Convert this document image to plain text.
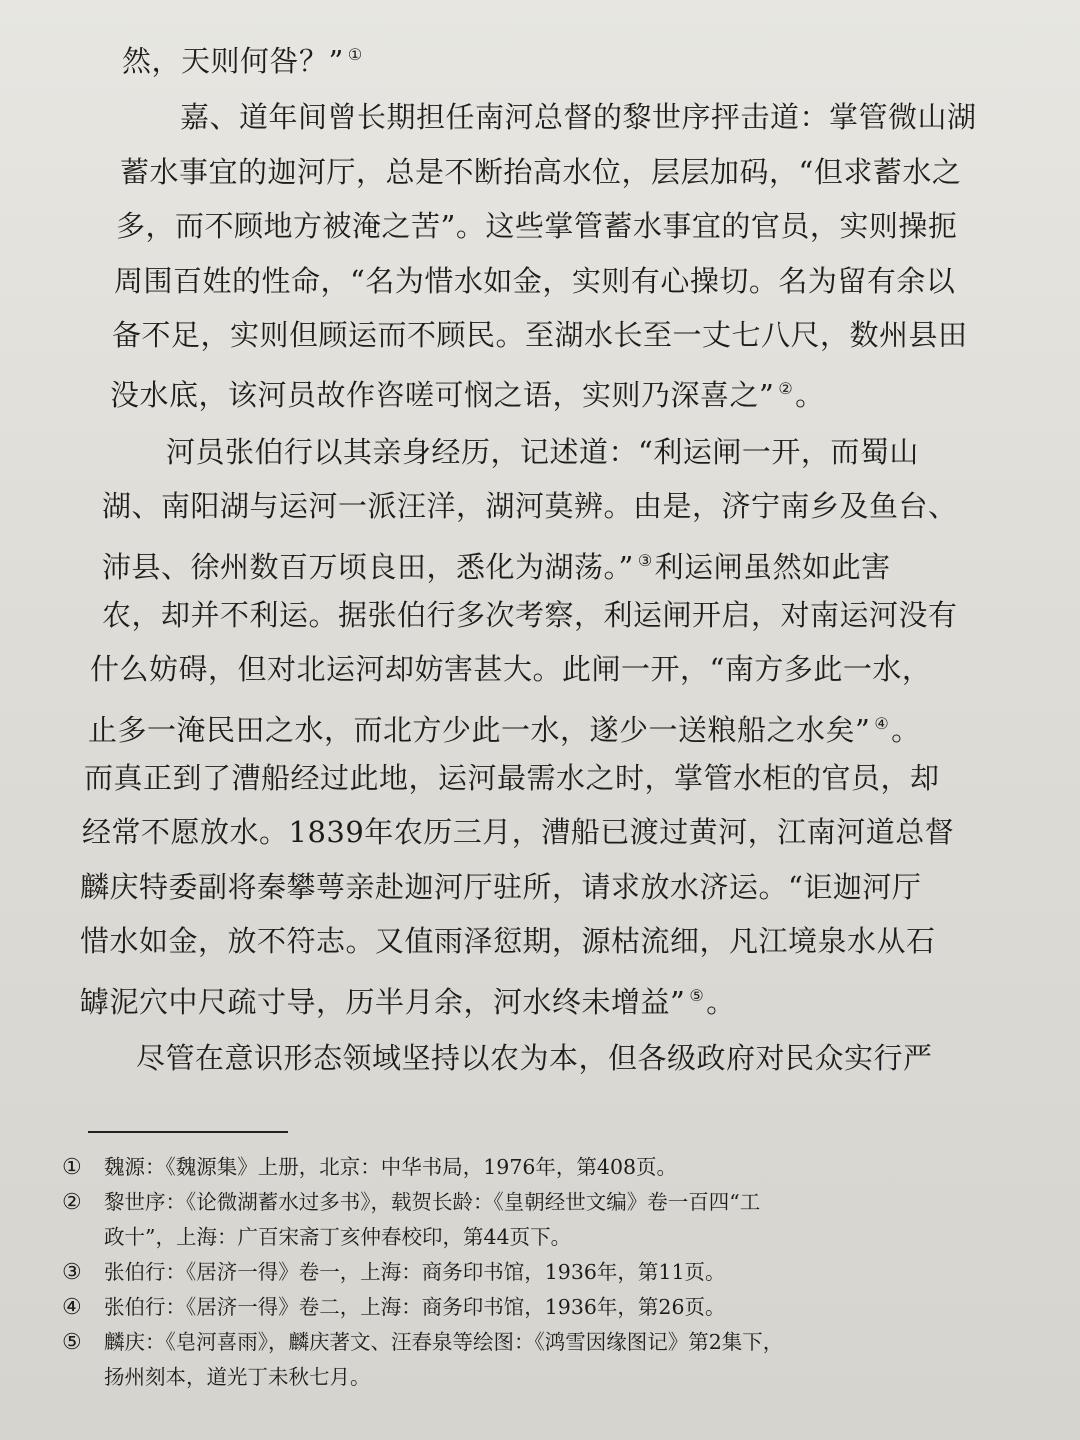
然，天则何咎？” ①
嘉、道年间曾长期担任南河总督的黎世序抨击道：掌管微山湖
蓄水事宜的迦河厅，总是不断抬高水位，层层加码，“但求蓄水之
多，而不顾地方被淹之苦”。这些掌管蓄水事宜的官员，实则操扼
周围百姓的性命，“名为惜水如金，实则有心操切。名为留有余以
备不足，实则但顾运而不顾民。至湖水长至一丈七八尺，数州县田
没水底，该河员故作咨嗟可悯之语，实则乃深喜之” ②。
河员张伯行以其亲身经历，记述道：“利运闸一开，而蜀山
湖、南阳湖与运河一派汪洋，湖河莫辨。由是，济宁南乡及鱼台、
沛县、徐州数百万顷良田，悉化为湖荡。” ③利运闸虽然如此害
农，却并不利运。据张伯行多次考察，利运闸开启，对南运河没有
什么妨碍，但对北运河却妨害甚大。此闸一开，“南方多此一水，
止多一淹民田之水，而北方少此一水，遂少一送粮船之水矣” ④。
而真正到了漕船经过此地，运河最需水之时，掌管水柜的官员，却
经常不愿放水。1839年农历三月，漕船已渡过黄河，江南河道总督
麟庆特委副将秦攀萼亲赴迦河厅驻所，请求放水济运。“讵迦河厅
惜水如金，放不符志。又值雨泽愆期，源枯流细，凡江境泉水从石
罅泥穴中尺疏寸导，历半月余，河水终未增益” ⑤。
尽管在意识形态领域坚持以农为本，但各级政府对民众实行严
①	魏源：《魏源集》上册，北京：中华书局，1976年，第408页。
②	黎世序：《论微湖蓄水过多书》，载贺长龄：《皇朝经世文编》卷一百四“工
政十”，上海：广百宋斋丁亥仲春校印，第44页下。
③	张伯行：《居济一得》卷一，上海：商务印书馆，1936年，第11页。
④	张伯行：《居济一得》卷二，上海：商务印书馆，1936年，第26页。
⑤	麟庆：《皂河喜雨》，麟庆著文、汪春泉等绘图：《鸿雪因缘图记》第2集下，
扬州刻本，道光丁未秋七月。
